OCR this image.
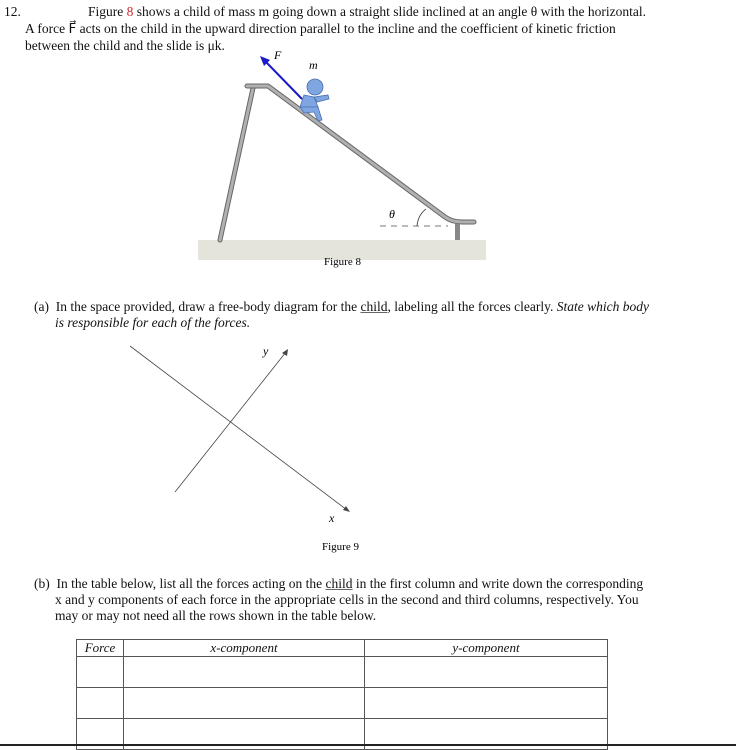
12.	Figure 8 shows a child of mass m going down a straight slide inclined at an angle θ with the horizontal.
A force F⃗ acts on the child in the upward direction parallel to the incline and the coefficient of kinetic friction
between the child and the slide is μk.
F⃗
m
θ
Figure 8
(a) In the space provided, draw a free-body diagram for the child, labeling all the forces clearly. State which body
is responsible for each of the forces.
y
x
Figure 9
(b) In the table below, list all the forces acting on the child in the first column and write down the corresponding
x and y components of each force in the appropriate cells in the second and third columns, respectively. You
may or may not need all the rows shown in the table below.
Force	x-component	y-component
